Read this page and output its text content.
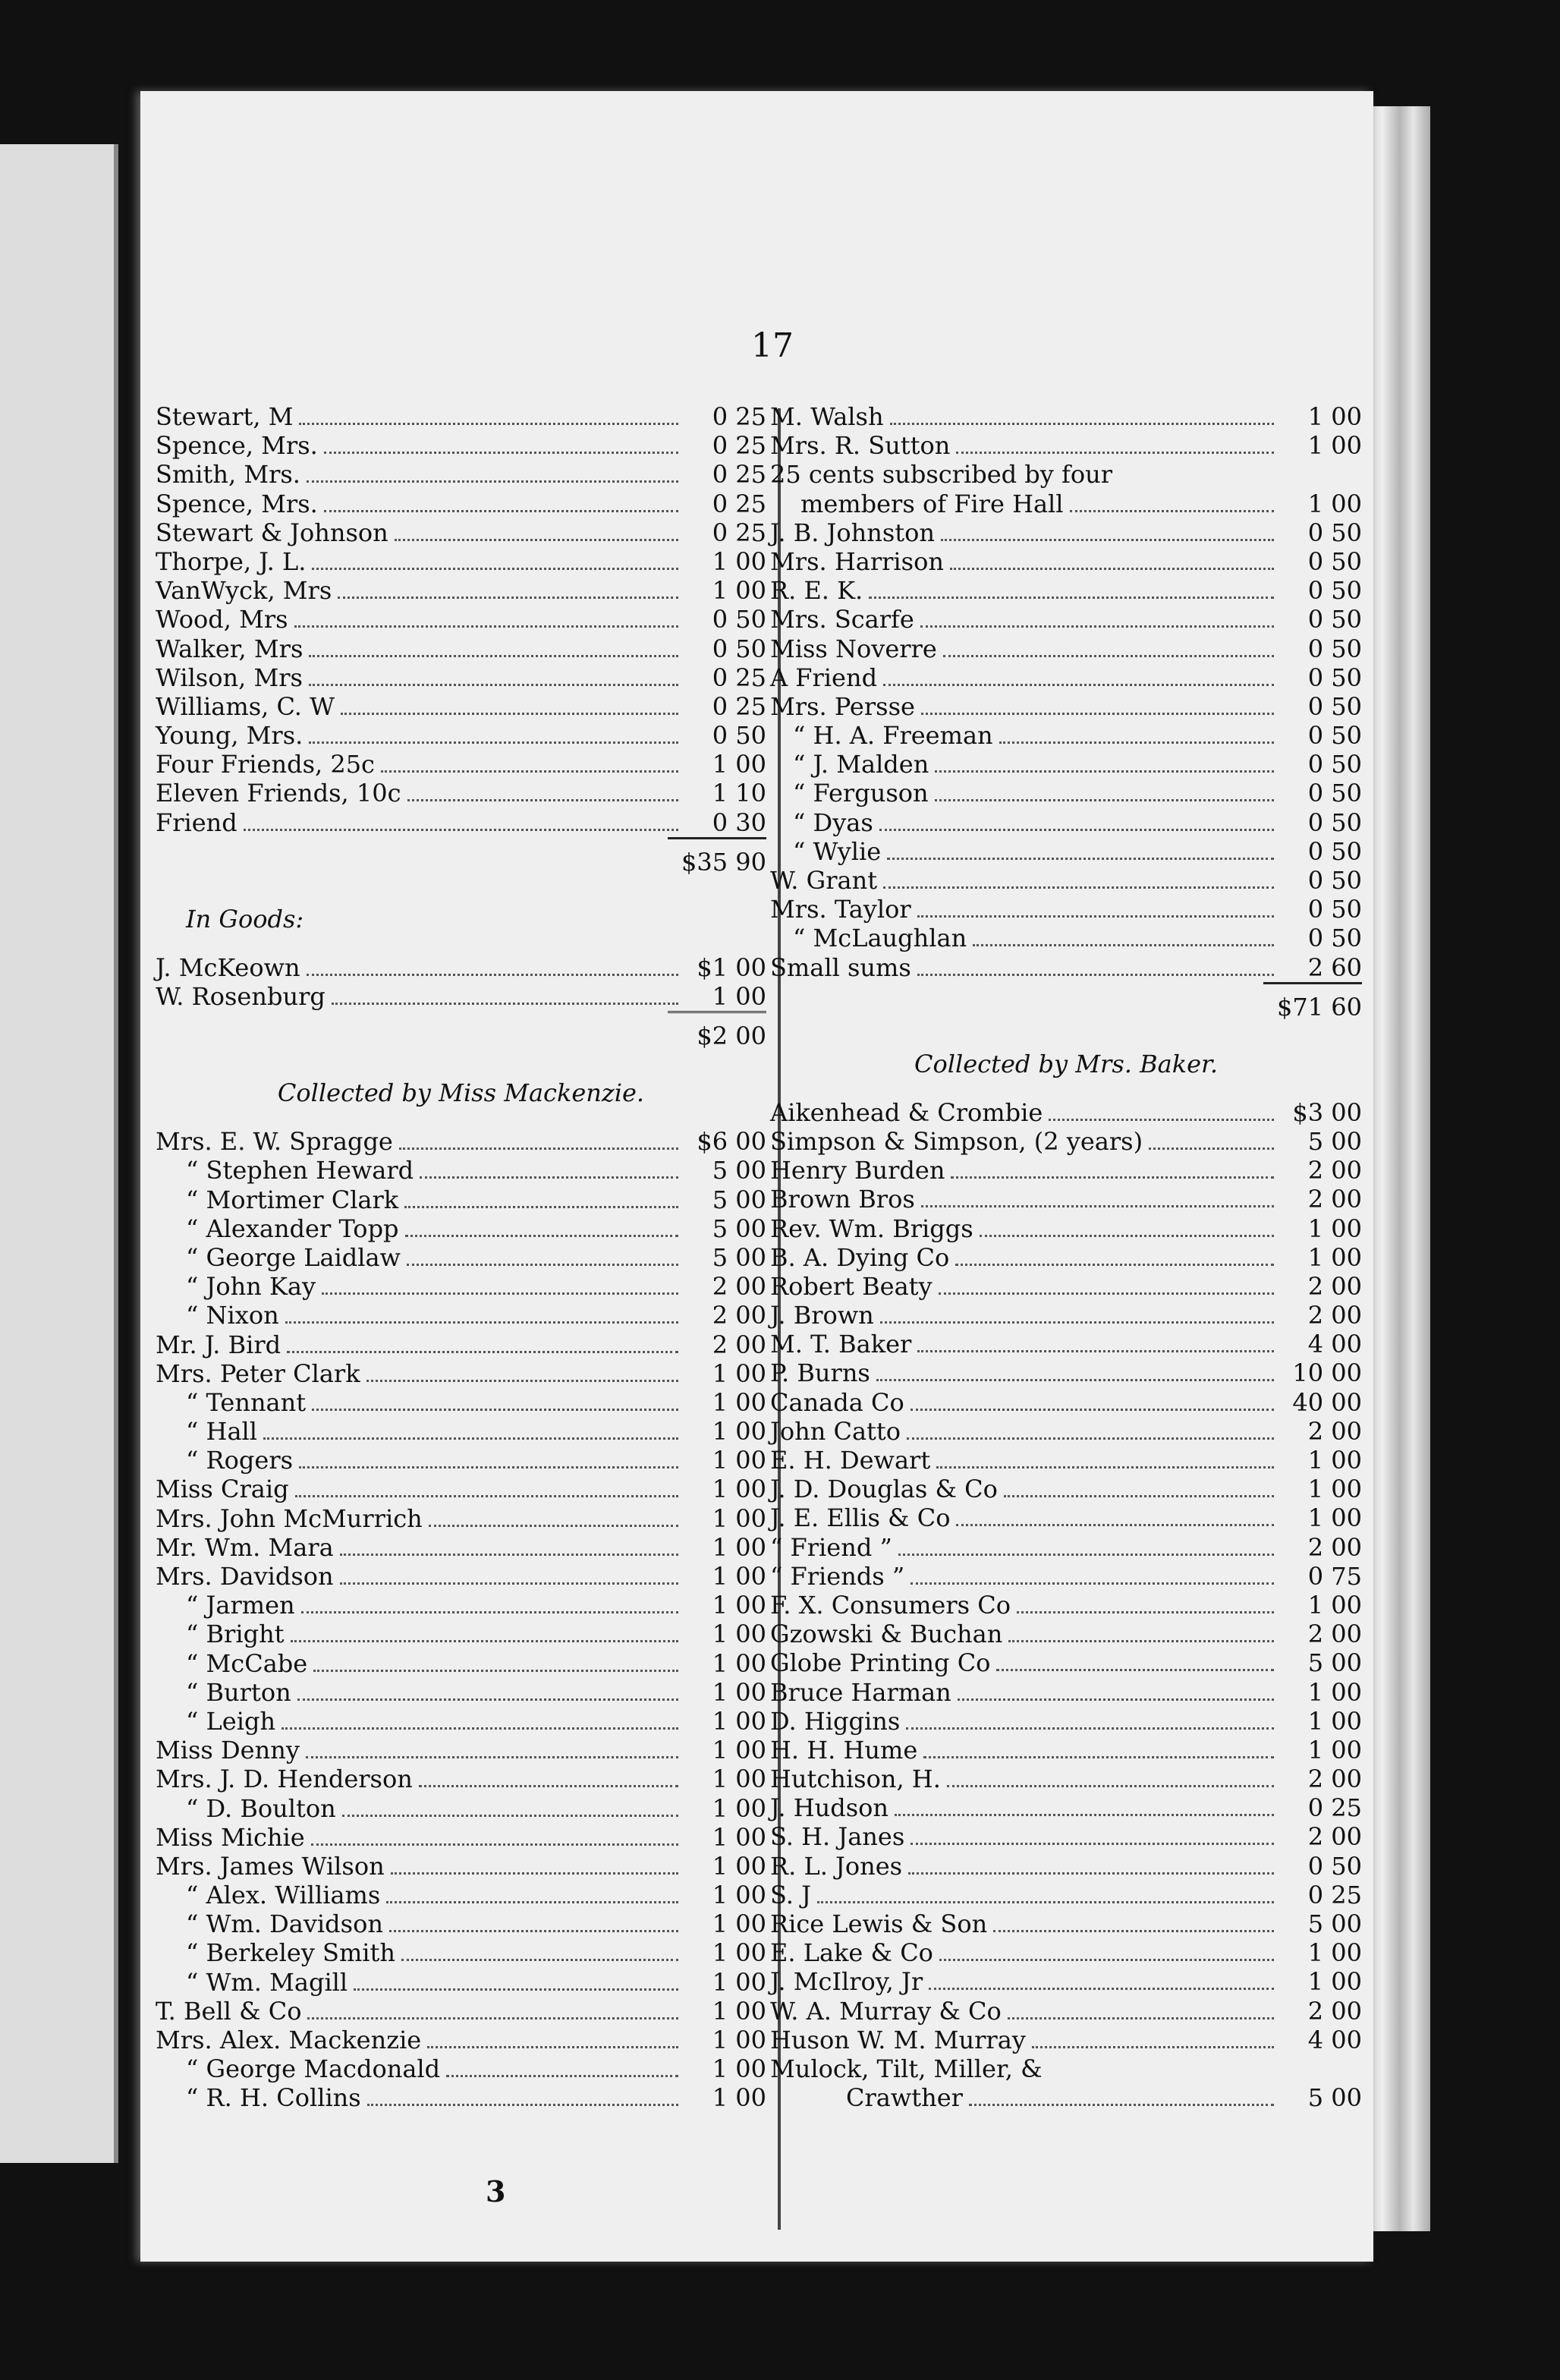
17
Stewart, M	0 25
Spence, Mrs.	0 25
Smith, Mrs.	0 25
Spence, Mrs.	0 25
Stewart & Johnson	0 25
Thorpe, J. L.	1 00
VanWyck, Mrs	1 00
Wood, Mrs	0 50
Walker, Mrs	0 50
Wilson, Mrs	0 25
Williams, C. W	0 25
Young, Mrs.	0 50
Four Friends, 25c	1 00
Eleven Friends, 10c	1 10
Friend	0 30
$35 90
In Goods:
J. McKeown	$1 00
W. Rosenburg	1 00
$2 00
Collected by Miss Mackenzie.
Mrs. E. W. Spragge	$6 00
“ Stephen Heward	5 00
“ Mortimer Clark	5 00
“ Alexander Topp	5 00
“ George Laidlaw	5 00
“ John Kay	2 00
“ Nixon	2 00
Mr. J. Bird	2 00
Mrs. Peter Clark	1 00
“ Tennant	1 00
“ Hall	1 00
“ Rogers	1 00
Miss Craig	1 00
Mrs. John McMurrich	1 00
Mr. Wm. Mara	1 00
Mrs. Davidson	1 00
“ Jarmen	1 00
“ Bright	1 00
“ McCabe	1 00
“ Burton	1 00
“ Leigh	1 00
Miss Denny	1 00
Mrs. J. D. Henderson	1 00
“ D. Boulton	1 00
Miss Michie	1 00
Mrs. James Wilson	1 00
“ Alex. Williams	1 00
“ Wm. Davidson	1 00
“ Berkeley Smith	1 00
“ Wm. Magill	1 00
T. Bell & Co	1 00
Mrs. Alex. Mackenzie	1 00
“ George Macdonald	1 00
“ R. H. Collins	1 00
M. Walsh	1 00
Mrs. R. Sutton	1 00
25 cents subscribed by four
members of Fire Hall	1 00
J. B. Johnston	0 50
Mrs. Harrison	0 50
R. E. K.	0 50
Mrs. Scarfe	0 50
Miss Noverre	0 50
A Friend	0 50
Mrs. Persse	0 50
“ H. A. Freeman	0 50
“ J. Malden	0 50
“ Ferguson	0 50
“ Dyas	0 50
“ Wylie	0 50
W. Grant	0 50
Mrs. Taylor	0 50
“ McLaughlan	0 50
Small sums	2 60
$71 60
Collected by Mrs. Baker.
Aikenhead & Crombie	$3 00
Simpson & Simpson, (2 years)	5 00
Henry Burden	2 00
Brown Bros	2 00
Rev. Wm. Briggs	1 00
B. A. Dying Co	1 00
Robert Beaty	2 00
J. Brown	2 00
M. T. Baker	4 00
P. Burns	10 00
Canada Co	40 00
John Catto	2 00
E. H. Dewart	1 00
J. D. Douglas & Co	1 00
J. E. Ellis & Co	1 00
“ Friend ”	2 00
“ Friends ”	0 75
F. X. Consumers Co	1 00
Gzowski & Buchan	2 00
Globe Printing Co	5 00
Bruce Harman	1 00
D. Higgins	1 00
H. H. Hume	1 00
Hutchison, H.	2 00
J. Hudson	0 25
S. H. Janes	2 00
R. L. Jones	0 50
S. J	0 25
Rice Lewis & Son	5 00
E. Lake & Co	1 00
J. McIlroy, Jr	1 00
W. A. Murray & Co	2 00
Huson W. M. Murray	4 00
Mulock, Tilt, Miller, &
Crawther	5 00
3
